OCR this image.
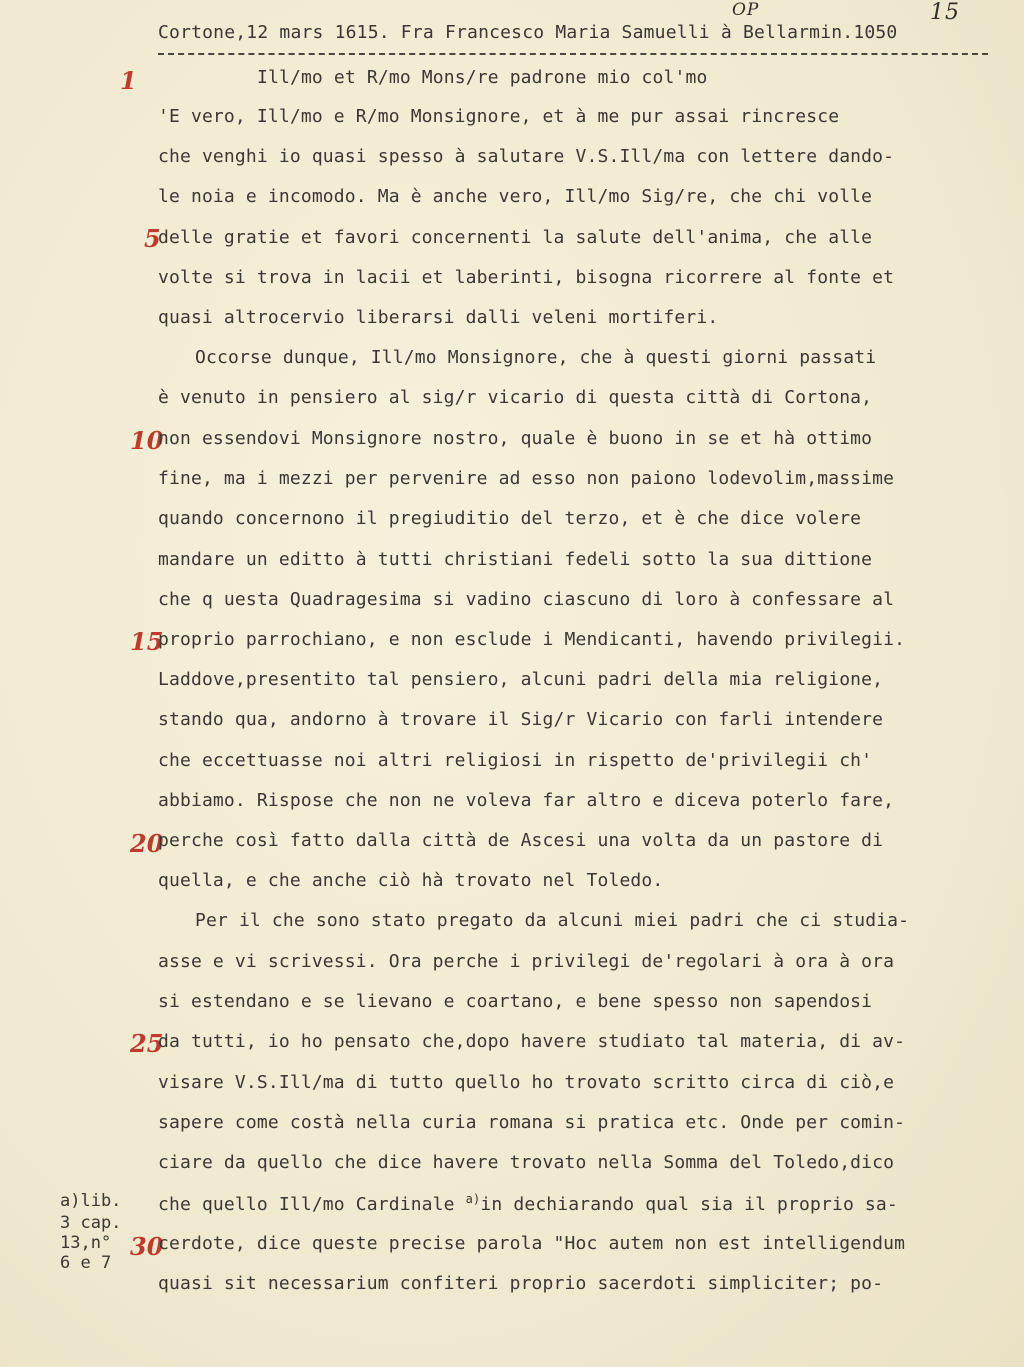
OP	15
Cortone,12 mars 1615. Fra Francesco Maria Samuelli à Bellarmin.1050
1
5
10
15
20
25
30
Ill/mo et R/mo Mons/re padrone mio col'mo
'E vero, Ill/mo e R/mo Monsignore, et à me pur assai rincresce
che venghi io quasi spesso à salutare V.S.Ill/ma con lettere dando-
le noia e incomodo. Ma è anche vero, Ill/mo Sig/re, che chi volle
delle gratie et favori concernenti la salute dell'anima, che alle
volte si trova in lacii et laberinti, bisogna ricorrere al fonte et
quasi altrocervio liberarsi dalli veleni mortiferi.
Occorse dunque, Ill/mo Monsignore, che à questi giorni passati
è venuto in pensiero al sig/r vicario di questa città di Cortona,
non essendovi Monsignore nostro, quale è buono in se et hà ottimo
fine, ma i mezzi per pervenire ad esso non paiono lodevolim,massime
quando concernono il pregiuditio del terzo, et è che dice volere
mandare un editto à tutti christiani fedeli sotto la sua dittione
che q uesta Quadragesima si vadino ciascuno di loro à confessare al
proprio parrochiano, e non esclude i Mendicanti, havendo privilegii.
Laddove,presentito tal pensiero, alcuni padri della mia religione,
stando qua, andorno à trovare il Sig/r Vicario con farli intendere
che eccettuasse noi altri religiosi in rispetto de'privilegii ch'
abbiamo. Rispose che non ne voleva far altro e diceva poterlo fare,
perche così fatto dalla città de Ascesi una volta da un pastore di
quella, e che anche ciò hà trovato nel Toledo.
Per il che sono stato pregato da alcuni miei padri che ci studia-
asse e vi scrivessi. Ora perche i privilegi de'regolari à ora à ora
si estendano e se lievano e coartano, e bene spesso non sapendosi
da tutti, io ho pensato che,dopo havere studiato tal materia, di av-
visare V.S.Ill/ma di tutto quello ho trovato scritto circa di ciò,e
sapere come costà nella curia romana si pratica etc. Onde per comin-
ciare da quello che dice havere trovato nella Somma del Toledo,dico
che quello Ill/mo Cardinale $^{a)}$in dechiarando qual sia il proprio sa-
cerdote, dice queste precise parola "Hoc autem non est intelligendum
quasi sit necessarium confiteri proprio sacerdoti simpliciter; po-
a)lib.
3 cap.
13,n°
6 e 7
